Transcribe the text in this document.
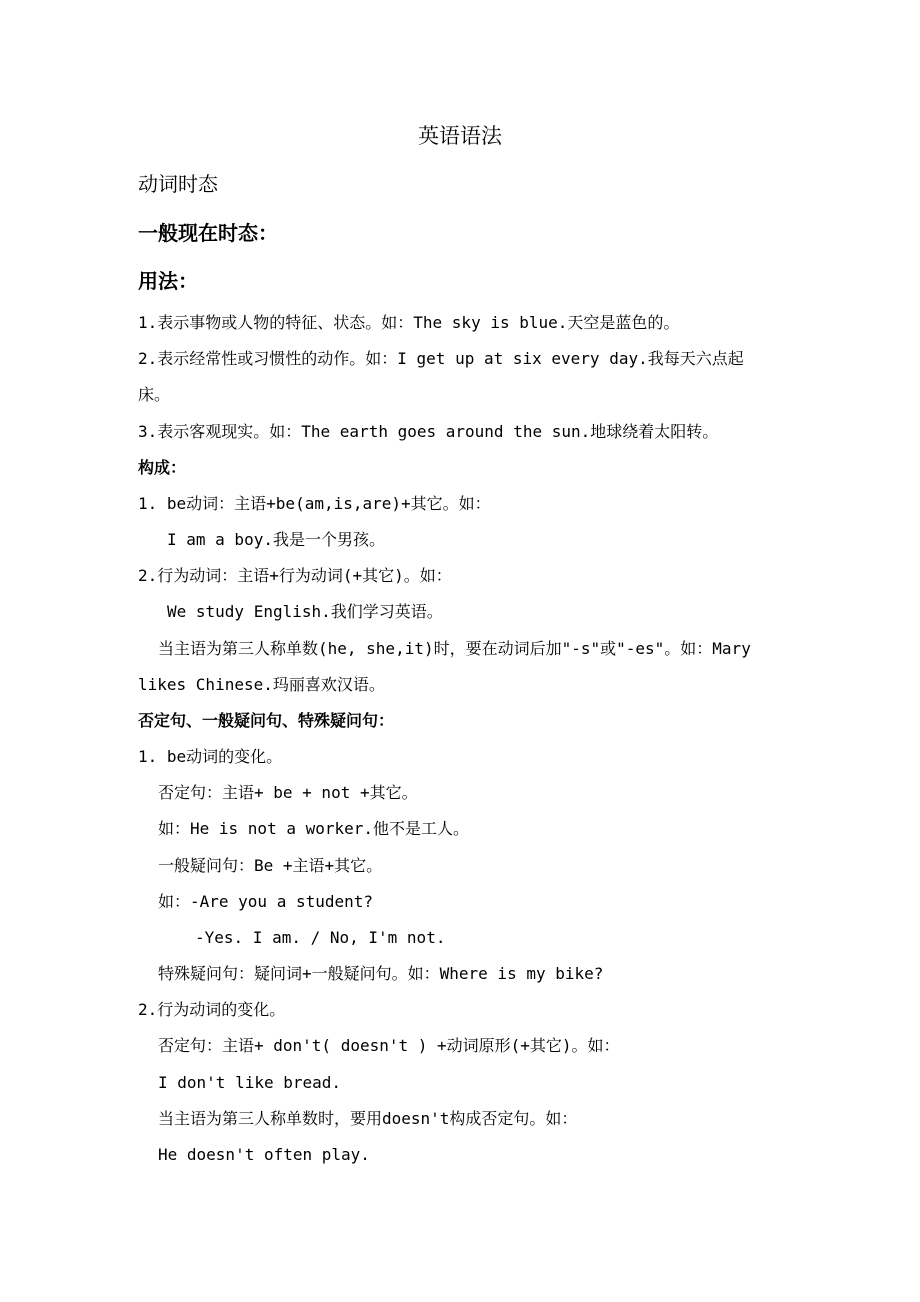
英语语法
动词时态
一般现在时态：
用法：
1.表示事物或人物的特征、状态。如：The sky is blue.天空是蓝色的。
2.表示经常性或习惯性的动作。如：I get up at six every day.我每天六点起
床。
3.表示客观现实。如：The earth goes around the sun.地球绕着太阳转。
构成：
1. be动词：主语+be(am,is,are)+其它。如：
I am a boy.我是一个男孩。
2.行为动词：主语+行为动词(+其它)。如：
We study English.我们学习英语。
当主语为第三人称单数(he, she,it)时，要在动词后加"-s"或"-es"。如：Mary
likes Chinese.玛丽喜欢汉语。
否定句、一般疑问句、特殊疑问句：
1. be动词的变化。
否定句：主语+ be + not +其它。
如：He is not a worker.他不是工人。
一般疑问句：Be +主语+其它。
如：-Are you a student?
-Yes. I am. / No, I'm not.
特殊疑问句：疑问词+一般疑问句。如：Where is my bike?
2.行为动词的变化。
否定句：主语+ don't( doesn't ) +动词原形(+其它)。如：
I don't like bread.
当主语为第三人称单数时，要用doesn't构成否定句。如：
He doesn't often play.
